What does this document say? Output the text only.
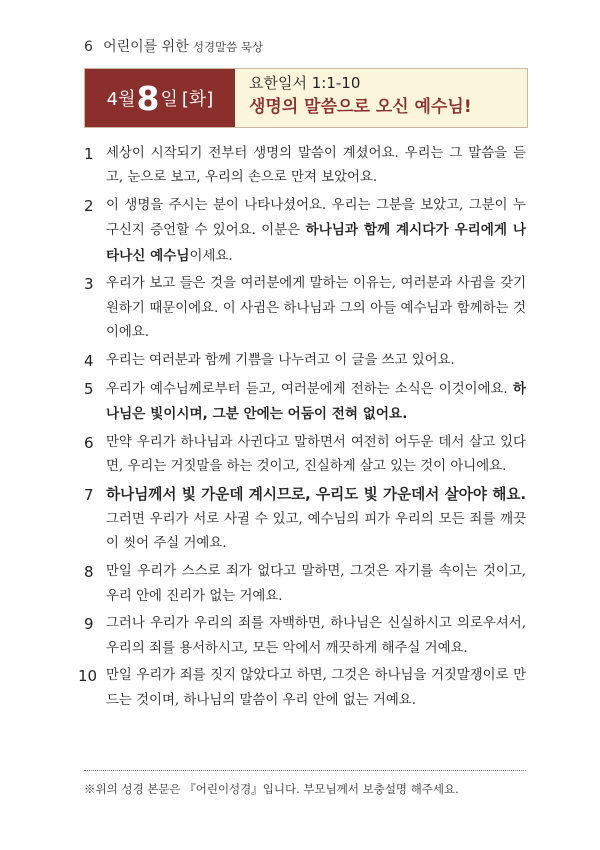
6 어린이를 위한 성경말씀 묵상
4월 8 일 [화]
요한일서 1:1-10
생명의 말씀으로 오신 예수님!
1 세상이 시작되기 전부터 생명의 말씀이 계셨어요. 우리는 그 말씀을 듣고, 눈으로 보고, 우리의 손으로 만져 보았어요.
2 이 생명을 주시는 분이 나타나셨어요. 우리는 그분을 보았고, 그분이 누구신지 증언할 수 있어요. 이분은 하나님과 함께 계시다가 우리에게 나타나신 예수님이세요.
3 우리가 보고 들은 것을 여러분에게 말하는 이유는, 여러분과 사귐을 갖기 원하기 때문이에요. 이 사귐은 하나님과 그의 아들 예수님과 함께하는 것이에요.
4 우리는 여러분과 함께 기쁨을 나누려고 이 글을 쓰고 있어요.
5 우리가 예수님께로부터 듣고, 여러분에게 전하는 소식은 이것이에요. 하나님은 빛이시며, 그분 안에는 어둠이 전혀 없어요.
6 만약 우리가 하나님과 사귄다고 말하면서 여전히 어두운 데서 살고 있다면, 우리는 거짓말을 하는 것이고, 진실하게 살고 있는 것이 아니에요.
7 하나님께서 빛 가운데 계시므로, 우리도 빛 가운데서 살아야 해요. 그러면 우리가 서로 사귈 수 있고, 예수님의 피가 우리의 모든 죄를 깨끗이 씻어 주실 거예요.
8 만일 우리가 스스로 죄가 없다고 말하면, 그것은 자기를 속이는 것이고, 우리 안에 진리가 없는 거예요.
9 그러나 우리가 우리의 죄를 자백하면, 하나님은 신실하시고 의로우셔서, 우리의 죄를 용서하시고, 모든 악에서 깨끗하게 해주실 거예요.
10 만일 우리가 죄를 짓지 않았다고 하면, 그것은 하나님을 거짓말쟁이로 만드는 것이며, 하나님의 말씀이 우리 안에 없는 거예요.
※위의 성경 본문은 『어린이성경』입니다. 부모님께서 보충설명 해주세요.
